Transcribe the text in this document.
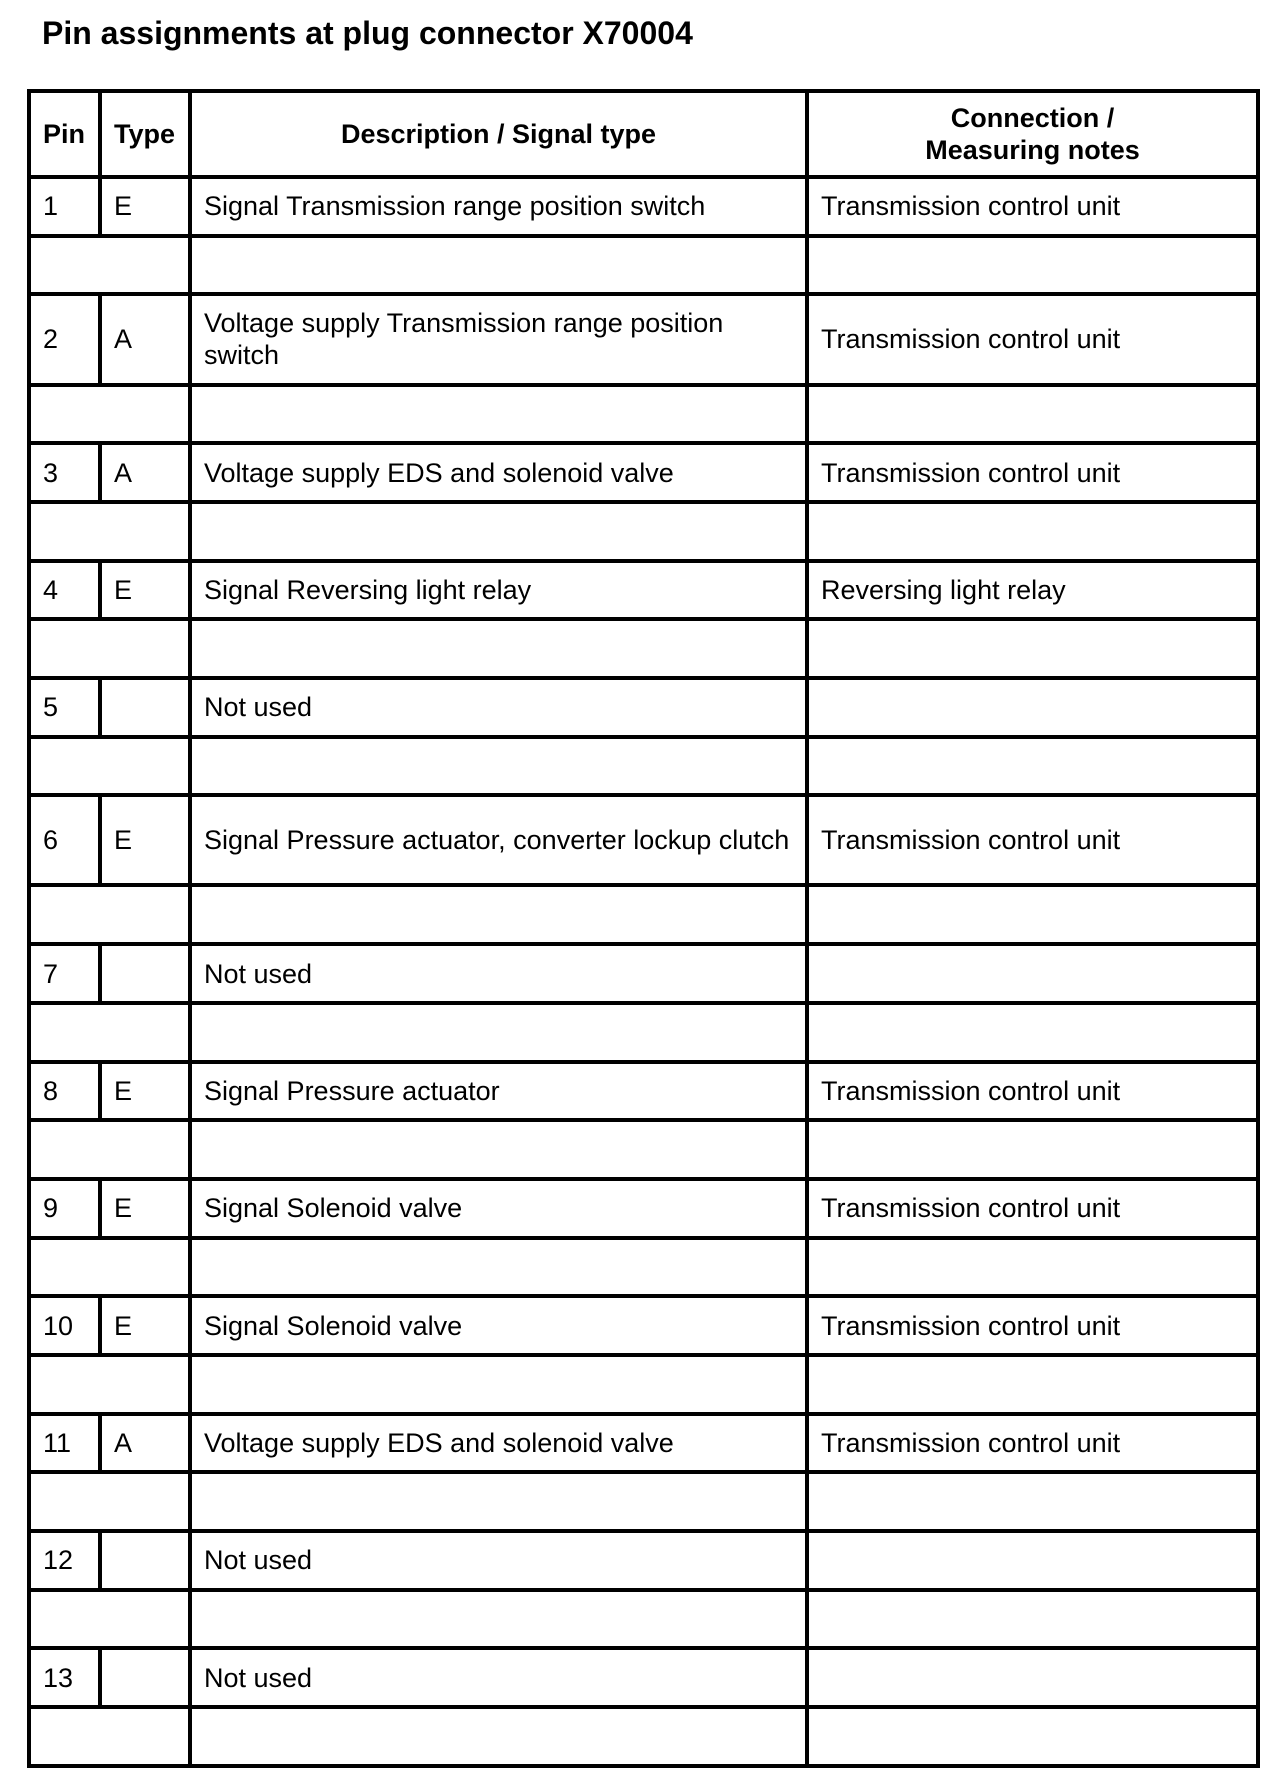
Pin assignments at plug connector X70004
Pin	Type	Description / Signal type	Connection /
Measuring notes

1	E	Signal Transmission range position switch	Transmission control unit

2	A	Voltage supply Transmission range position switch	Transmission control unit

3	A	Voltage supply EDS and solenoid valve	Transmission control unit

4	E	Signal Reversing light relay	Reversing light relay

5		Not used	

6	E	Signal Pressure actuator, converter lockup clutch	Transmission control unit

7		Not used	

8	E	Signal Pressure actuator	Transmission control unit

9	E	Signal Solenoid valve	Transmission control unit

10	E	Signal Solenoid valve	Transmission control unit

11	A	Voltage supply EDS and solenoid valve	Transmission control unit

12		Not used	

13		Not used	
